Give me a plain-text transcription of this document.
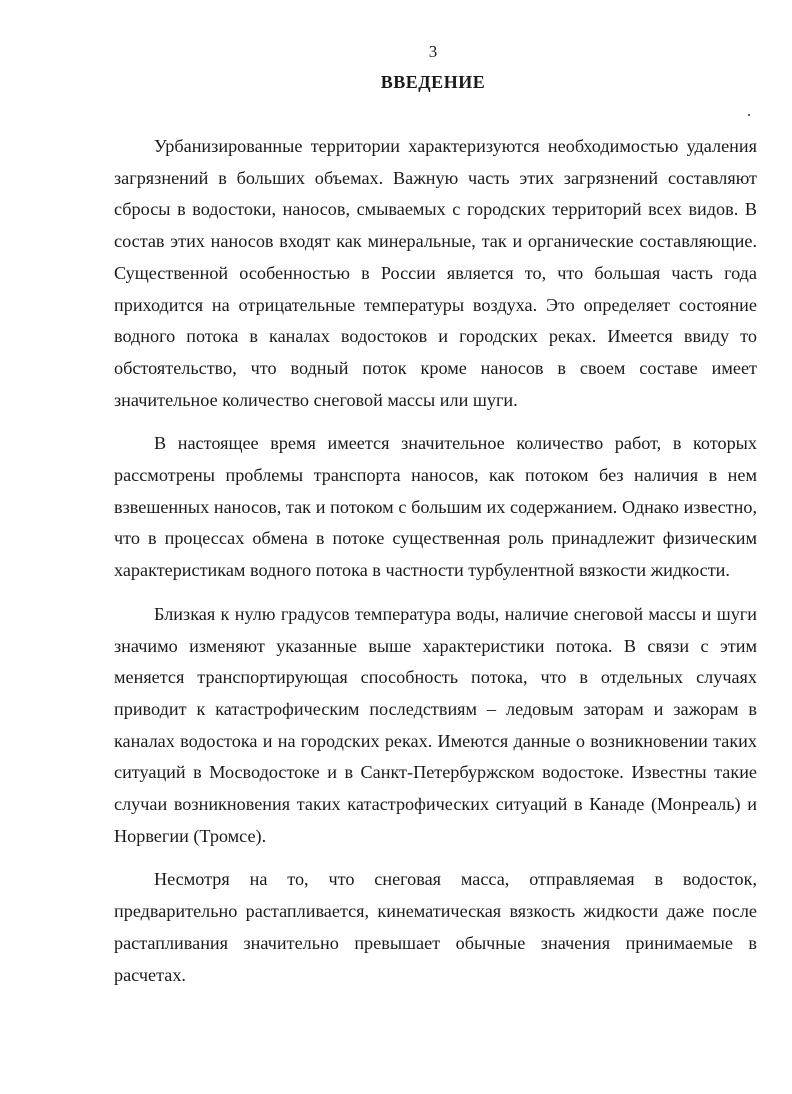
3
ВВЕДЕНИЕ

Урбанизированные территории характеризуются необходимостью удаления загрязнений в больших объемах. Важную часть этих загрязнений составляют сбросы в водостоки, наносов, смываемых с городских территорий всех видов. В состав этих наносов входят как минеральные, так и органические составляющие. Существенной особенностью в России является то, что большая часть года приходится на отрицательные температуры воздуха. Это определяет состояние водного потока в каналах водостоков и городских реках. Имеется ввиду то обстоятельство, что водный поток кроме наносов в своем составе имеет значительное количество снеговой массы или шуги.

В настоящее время имеется значительное количество работ, в которых рассмотрены проблемы транспорта наносов, как потоком без наличия в нем взвешенных наносов, так и потоком с большим их содержанием. Однако известно, что в процессах обмена в потоке существенная роль принадлежит физическим характеристикам водного потока в частности турбулентной вязкости жидкости.

Близкая к нулю градусов температура воды, наличие снеговой массы и шуги значимо изменяют указанные выше характеристики потока. В связи с этим меняется транспортирующая способность потока, что в отдельных случаях приводит к катастрофическим последствиям – ледовым заторам и зажорам в каналах водостока и на городских реках. Имеются данные о возникновении таких ситуаций в Мосводостоке и в Санкт-Петербуржском водостоке. Известны такие случаи возникновения таких катастрофических ситуаций в Канаде (Монреаль) и Норвегии (Тромсе).

Несмотря на то, что снеговая масса, отправляемая в водосток, предварительно растапливается, кинематическая вязкость жидкости даже после растапливания значительно превышает обычные значения принимаемые в расчетах.
